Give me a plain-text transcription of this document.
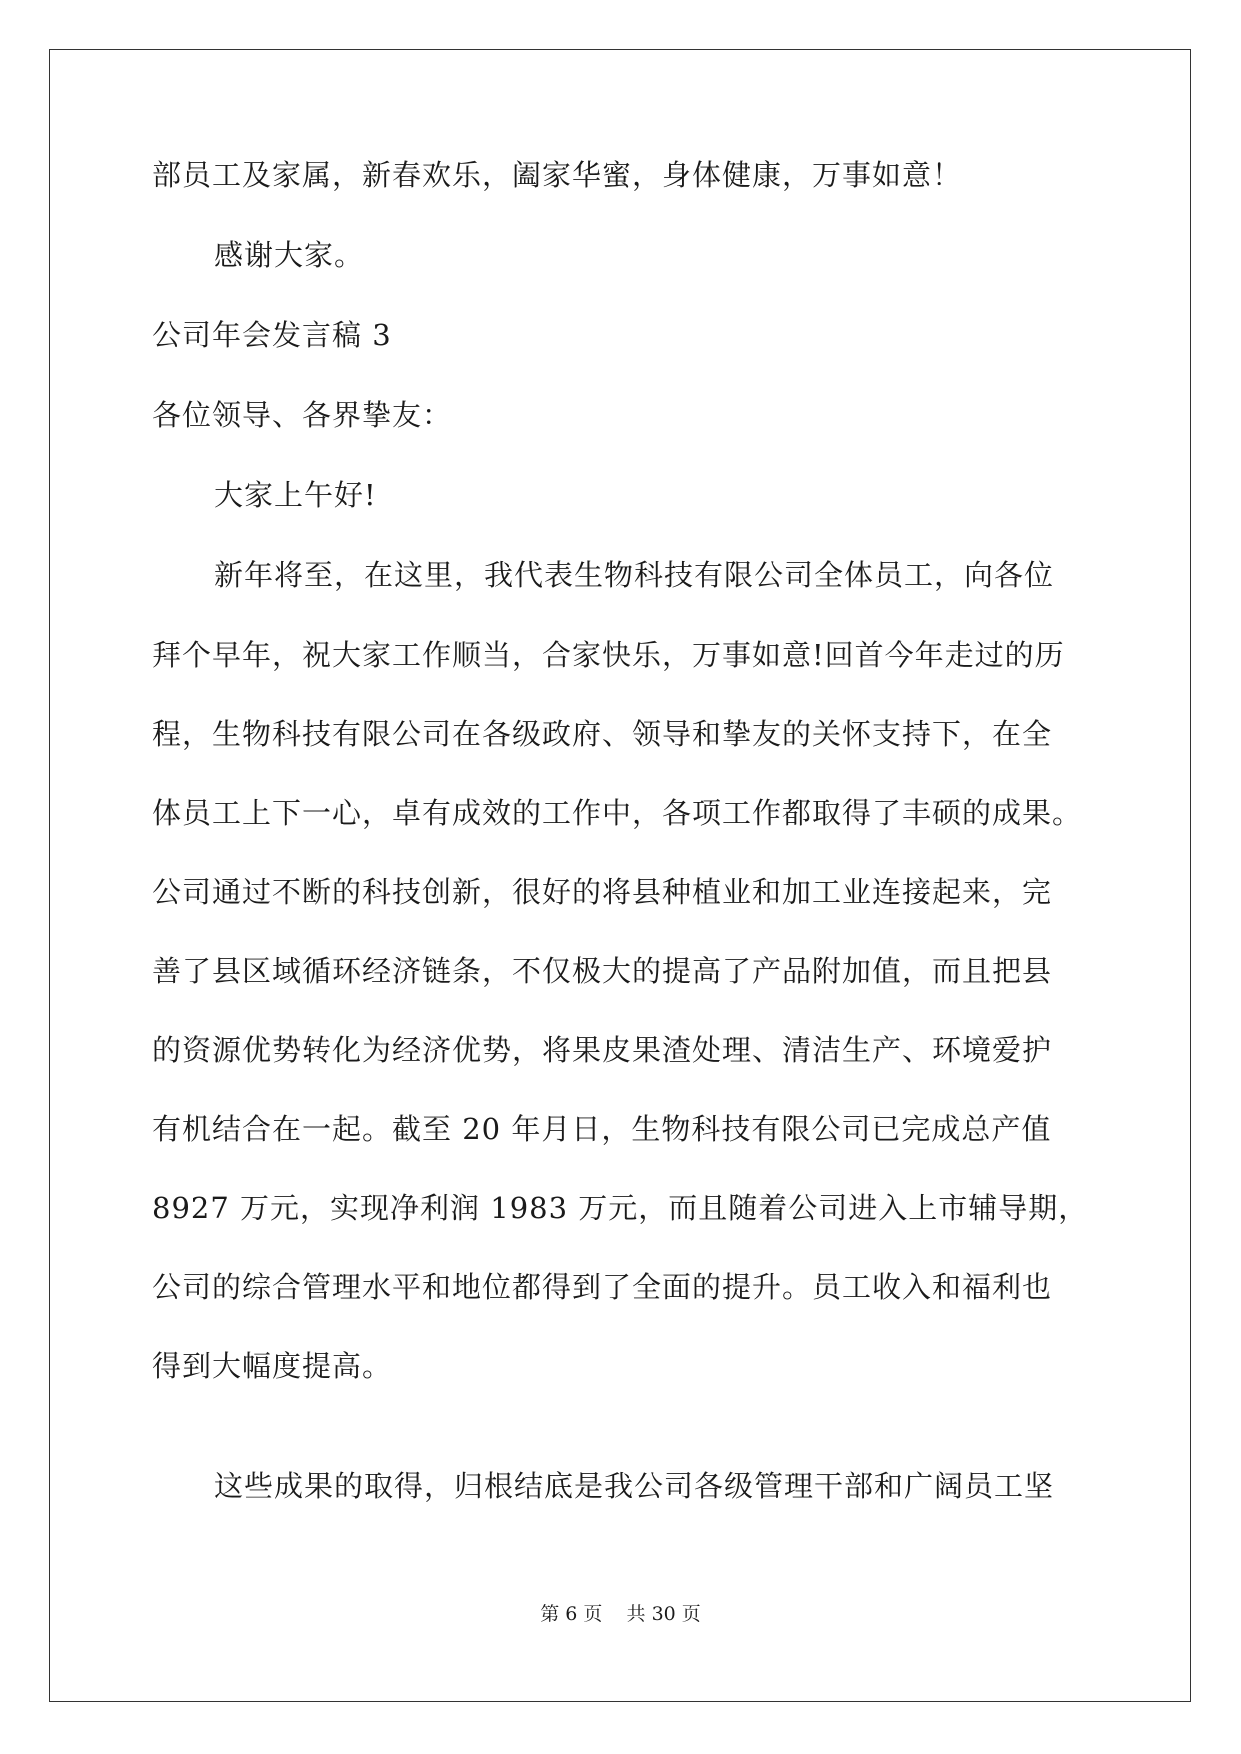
部员工及家属，新春欢乐，阖家华蜜，身体健康，万事如意！
感谢大家。
公司年会发言稿 3
各位领导、各界挚友：
大家上午好!
新年将至，在这里，我代表生物科技有限公司全体员工，向各位
拜个早年，祝大家工作顺当，合家快乐，万事如意!回首今年走过的历
程，生物科技有限公司在各级政府、领导和挚友的关怀支持下，在全
体员工上下一心，卓有成效的工作中，各项工作都取得了丰硕的成果。
公司通过不断的科技创新，很好的将县种植业和加工业连接起来，完
善了县区域循环经济链条，不仅极大的提高了产品附加值，而且把县
的资源优势转化为经济优势，将果皮果渣处理、清洁生产、环境爱护
有机结合在一起。截至 20 年月日，生物科技有限公司已完成总产值
8927 万元，实现净利润 1983 万元，而且随着公司进入上市辅导期，
公司的综合管理水平和地位都得到了全面的提升。员工收入和福利也
得到大幅度提高。
这些成果的取得，归根结底是我公司各级管理干部和广阔员工坚
第 6 页 共 30 页
